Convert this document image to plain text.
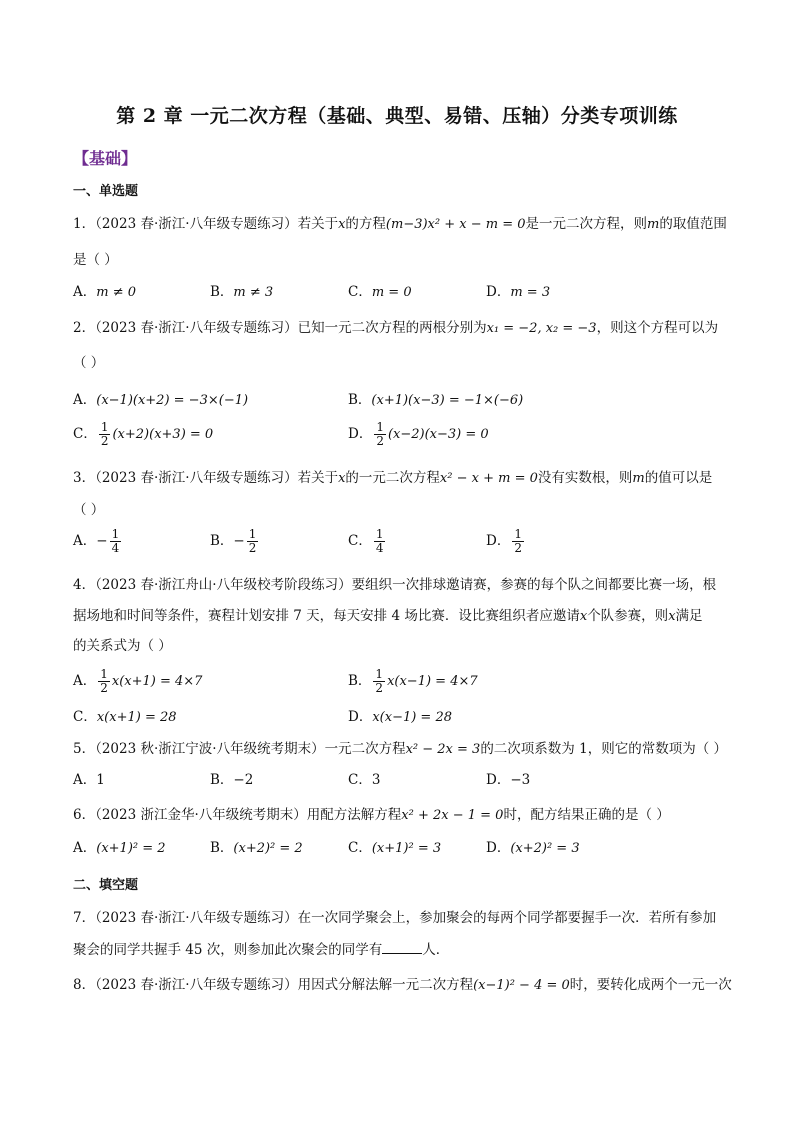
第 2 章 一元二次方程（基础、典型、易错、压轴）分类专项训练
【基础】
一、单选题
1．（2023 春·浙江·八年级专题练习）若关于x的方程(m−3)x² + x − m = 0是一元二次方程，则m的取值范围
是（ ）
A．m ≠ 0	B．m ≠ 3	C．m = 0	D．m = 3
2．（2023 春·浙江·八年级专题练习）已知一元二次方程的两根分别为x₁ = −2, x₂ = −3，则这个方程可以为
（ ）
A．(x−1)(x+2) = −3×(−1)	B．(x+1)(x−3) = −1×(−6)
C． $\frac{1}{2} (x+2)(x+3) = 0$	D． $\frac{1}{2} (x-2)(x-3) = 0$
3．（2023 春·浙江·八年级专题练习）若关于x的一元二次方程x² − x + m = 0没有实数根，则m的值可以是
（ ）
A．− $\frac{1}{4}$	B．− $\frac{1}{2}$	C． $\frac{1}{4}$	D． $\frac{1}{2}$
4．（2023 春·浙江舟山·八年级校考阶段练习）要组织一次排球邀请赛，参赛的每个队之间都要比赛一场，根
据场地和时间等条件，赛程计划安排 7 天，每天安排 4 场比赛．设比赛组织者应邀请x个队参赛，则x满足
的关系式为（ ）
A． $\frac{1}{2} x(x+1) = 4\times 7$	B． $\frac{1}{2} x(x-1) = 4\times 7$
C．x(x+1) = 28	D．x(x−1) = 28
5．（2023 秋·浙江宁波·八年级统考期末）一元二次方程x² − 2x = 3的二次项系数为 1，则它的常数项为（ ）
A．1	B．−2	C．3	D．−3
6．（2023 浙江金华·八年级统考期末）用配方法解方程x² + 2x − 1 = 0时，配方结果正确的是（ ）
A．(x+1)² = 2	B．(x+2)² = 2	C．(x+1)² = 3	D．(x+2)² = 3
二、填空题
7．（2023 春·浙江·八年级专题练习）在一次同学聚会上，参加聚会的每两个同学都要握手一次．若所有参加
聚会的同学共握手 45 次，则参加此次聚会的同学有	人．
8．（2023 春·浙江·八年级专题练习）用因式分解法解一元二次方程(x−1)² − 4 = 0时，要转化成两个一元一次
